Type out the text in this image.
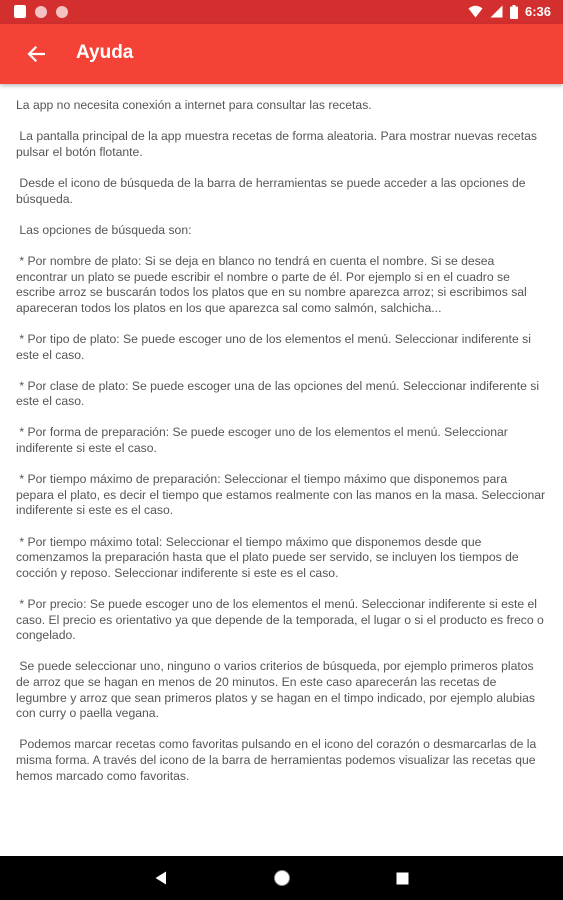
6:36
Ayuda

La app no necesita conexión a internet para consultar las recetas.

La pantalla principal de la app muestra recetas de forma aleatoria. Para mostrar nuevas recetas pulsar el botón flotante.

Desde el icono de búsqueda de la barra de herramientas se puede acceder a las opciones de búsqueda.

Las opciones de búsqueda son:

* Por nombre de plato: Si se deja en blanco no tendrá en cuenta el nombre. Si se desea encontrar un plato se puede escribir el nombre o parte de él. Por ejemplo si en el cuadro se escribe arroz se buscarán todos los platos que en su nombre aparezca arroz; si escribimos sal apareceran todos los platos en los que aparezca sal como salmón, salchicha...

* Por tipo de plato: Se puede escoger uno de los elementos el menú. Seleccionar indiferente si este el caso.

* Por clase de plato: Se puede escoger una de las opciones del menú. Seleccionar indiferente si este el caso.

* Por forma de preparación: Se puede escoger uno de los elementos el menú. Seleccionar indiferente si este el caso.

* Por tiempo máximo de preparación: Seleccionar el tiempo máximo que disponemos para pepara el plato, es decir el tiempo que estamos realmente con las manos en la masa. Seleccionar indiferente si este es el caso.

* Por tiempo máximo total: Seleccionar el tiempo máximo que disponemos desde que comenzamos la preparación hasta que el plato puede ser servido, se incluyen los tiempos de cocción y reposo. Seleccionar indiferente si este es el caso.

* Por precio: Se puede escoger uno de los elementos el menú. Seleccionar indiferente si este el caso. El precio es orientativo ya que depende de la temporada, el lugar o si el producto es freco o congelado.

Se puede seleccionar uno, ninguno o varios criterios de búsqueda, por ejemplo primeros platos de arroz que se hagan en menos de 20 minutos. En este caso aparecerán las recetas de legumbre y arroz que sean primeros platos y se hagan en el timpo indicado, por ejemplo alubias con curry o paella vegana.

Podemos marcar recetas como favoritas pulsando en el icono del corazón o desmarcarlas de la misma forma. A través del icono de la barra de herramientas podemos visualizar las recetas que hemos marcado como favoritas.
